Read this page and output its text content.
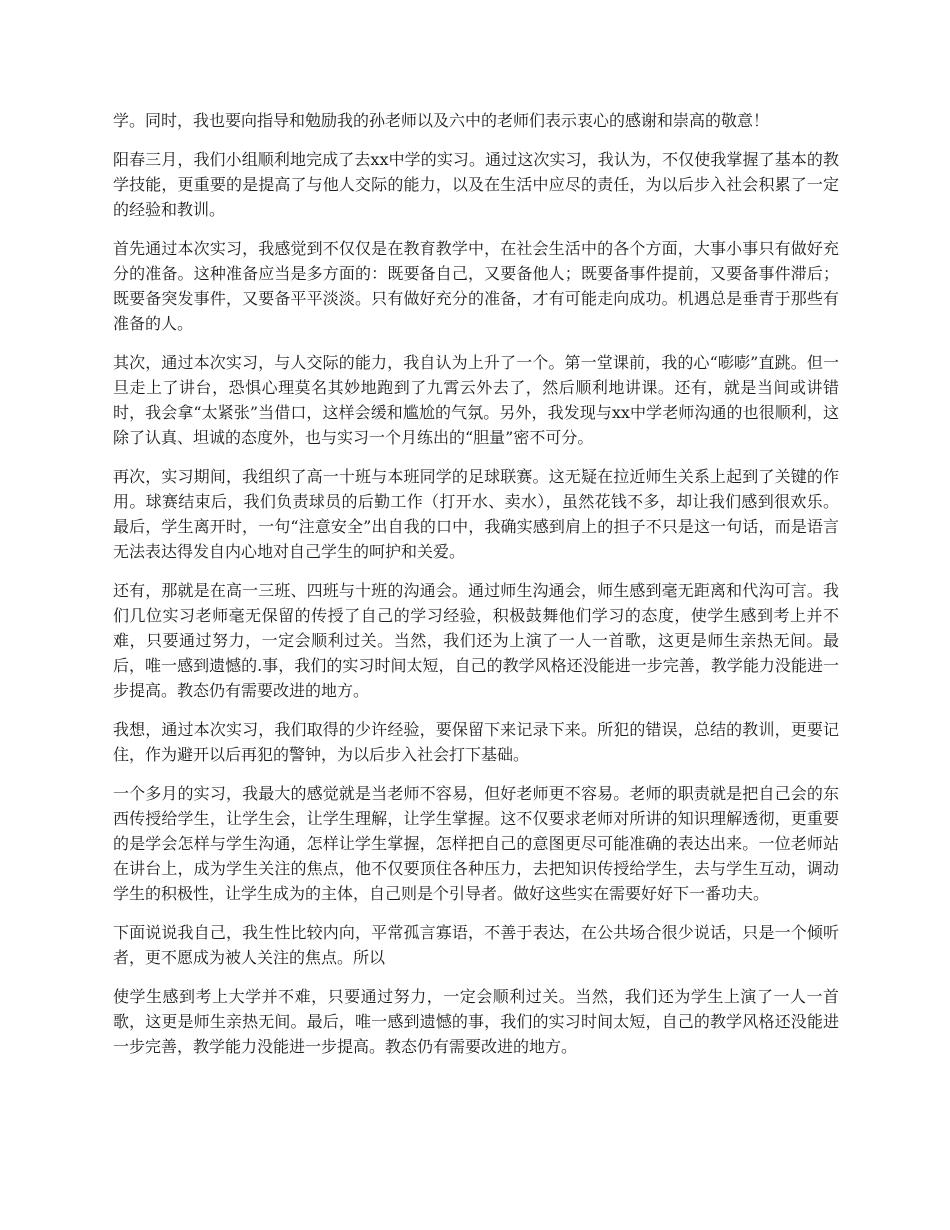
学。同时，我也要向指导和勉励我的孙老师以及六中的老师们表示衷心的感谢和崇高的敬意！

阳春三月，我们小组顺利地完成了去xx中学的实习。通过这次实习，我认为，不仅使我掌握了基本的教学技能，更重要的是提高了与他人交际的能力，以及在生活中应尽的责任，为以后步入社会积累了一定的经验和教训。

首先通过本次实习，我感觉到不仅仅是在教育教学中，在社会生活中的各个方面，大事小事只有做好充分的准备。这种准备应当是多方面的：既要备自己，又要备他人；既要备事件提前，又要备事件滞后；既要备突发事件，又要备平平淡淡。只有做好充分的准备，才有可能走向成功。机遇总是垂青于那些有准备的人。

其次，通过本次实习，与人交际的能力，我自认为上升了一个。第一堂课前，我的心“嘭嘭”直跳。但一旦走上了讲台，恐惧心理莫名其妙地跑到了九霄云外去了，然后顺利地讲课。还有，就是当间或讲错时，我会拿“太紧张”当借口，这样会缓和尴尬的气氛。另外，我发现与xx中学老师沟通的也很顺利，这除了认真、坦诚的态度外，也与实习一个月练出的“胆量”密不可分。

再次，实习期间，我组织了高一十班与本班同学的足球联赛。这无疑在拉近师生关系上起到了关键的作用。球赛结束后，我们负责球员的后勤工作（打开水、卖水），虽然花钱不多，却让我们感到很欢乐。最后，学生离开时，一句“注意安全”出自我的口中，我确实感到肩上的担子不只是这一句话，而是语言无法表达得发自内心地对自己学生的呵护和关爱。

还有，那就是在高一三班、四班与十班的沟通会。通过师生沟通会，师生感到毫无距离和代沟可言。我们几位实习老师毫无保留的传授了自己的学习经验，积极鼓舞他们学习的态度，使学生感到考上并不难，只要通过努力，一定会顺利过关。当然，我们还为上演了一人一首歌，这更是师生亲热无间。最后，唯一感到遗憾的.事，我们的实习时间太短，自己的教学风格还没能进一步完善，教学能力没能进一步提高。教态仍有需要改进的地方。

我想，通过本次实习，我们取得的少许经验，要保留下来记录下来。所犯的错误，总结的教训，更要记住，作为避开以后再犯的警钟，为以后步入社会打下基础。

一个多月的实习，我最大的感觉就是当老师不容易，但好老师更不容易。老师的职责就是把自己会的东西传授给学生，让学生会，让学生理解，让学生掌握。这不仅要求老师对所讲的知识理解透彻，更重要的是学会怎样与学生沟通，怎样让学生掌握，怎样把自己的意图更尽可能准确的表达出来。一位老师站在讲台上，成为学生关注的焦点，他不仅要顶住各种压力，去把知识传授给学生，去与学生互动，调动学生的积极性，让学生成为的主体，自己则是个引导者。做好这些实在需要好好下一番功夫。

下面说说我自己，我生性比较内向，平常孤言寡语，不善于表达，在公共场合很少说话，只是一个倾听者，更不愿成为被人关注的焦点。所以

使学生感到考上大学并不难，只要通过努力，一定会顺利过关。当然，我们还为学生上演了一人一首歌，这更是师生亲热无间。最后，唯一感到遗憾的事，我们的实习时间太短，自己的教学风格还没能进一步完善，教学能力没能进一步提高。教态仍有需要改进的地方。
